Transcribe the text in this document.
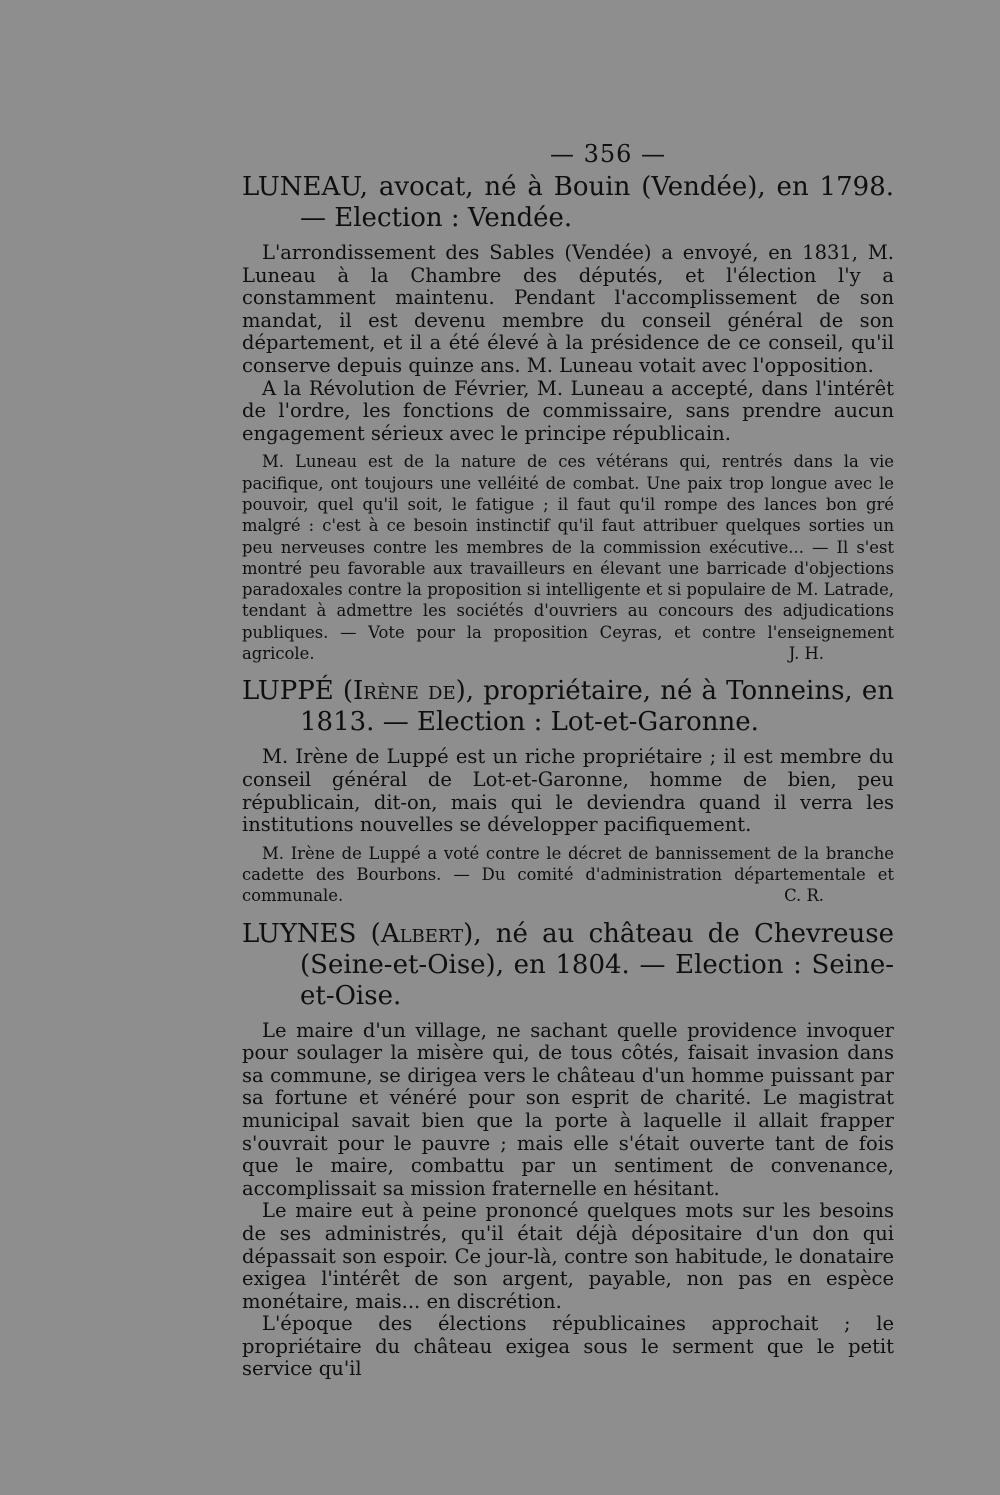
— 356 —
LUNEAU, avocat, né à Bouin (Vendée), en 1798. — Election : Vendée.

L'arrondissement des Sables (Vendée) a envoyé, en 1831, M. Luneau à la Chambre des députés, et l'élection l'y a constamment maintenu. Pendant l'accomplissement de son mandat, il est devenu membre du conseil général de son département, et il a été élevé à la présidence de ce conseil, qu'il conserve depuis quinze ans. M. Luneau votait avec l'opposition.

A la Révolution de Février, M. Luneau a accepté, dans l'intérêt de l'ordre, les fonctions de commissaire, sans prendre aucun engagement sérieux avec le principe républicain.

M. Luneau est de la nature de ces vétérans qui, rentrés dans la vie pacifique, ont toujours une velléité de combat. Une paix trop longue avec le pouvoir, quel qu'il soit, le fatigue ; il faut qu'il rompe des lances bon gré malgré : c'est à ce besoin instinctif qu'il faut attribuer quelques sorties un peu nerveuses contre les membres de la commission exécutive... — Il s'est montré peu favorable aux travailleurs en élevant une barricade d'objections paradoxales contre la proposition si intelligente et si populaire de M. Latrade, tendant à admettre les sociétés d'ouvriers au concours des adjudications publiques. — Vote pour la proposition Ceyras, et contre l'enseignement agricole.	J. H.

LUPPÉ (Irène de), propriétaire, né à Tonneins, en 1813. — Election : Lot-et-Garonne.

M. Irène de Luppé est un riche propriétaire ; il est membre du conseil général de Lot-et-Garonne, homme de bien, peu républicain, dit-on, mais qui le deviendra quand il verra les institutions nouvelles se développer pacifiquement.

M. Irène de Luppé a voté contre le décret de bannissement de la branche cadette des Bourbons. — Du comité d'administration départementale et communale.	C. R.

LUYNES (Albert), né au château de Chevreuse (Seine-et-Oise), en 1804. — Election : Seine-et-Oise.

Le maire d'un village, ne sachant quelle providence invoquer pour soulager la misère qui, de tous côtés, faisait invasion dans sa commune, se dirigea vers le château d'un homme puissant par sa fortune et vénéré pour son esprit de charité. Le magistrat municipal savait bien que la porte à laquelle il allait frapper s'ouvrait pour le pauvre ; mais elle s'était ouverte tant de fois que le maire, combattu par un sentiment de convenance, accomplissait sa mission fraternelle en hésitant.

Le maire eut à peine prononcé quelques mots sur les besoins de ses administrés, qu'il était déjà dépositaire d'un don qui dépassait son espoir. Ce jour-là, contre son habitude, le donataire exigea l'intérêt de son argent, payable, non pas en espèce monétaire, mais... en discrétion.

L'époque des élections républicaines approchait ; le propriétaire du château exigea sous le serment que le petit service qu'il
